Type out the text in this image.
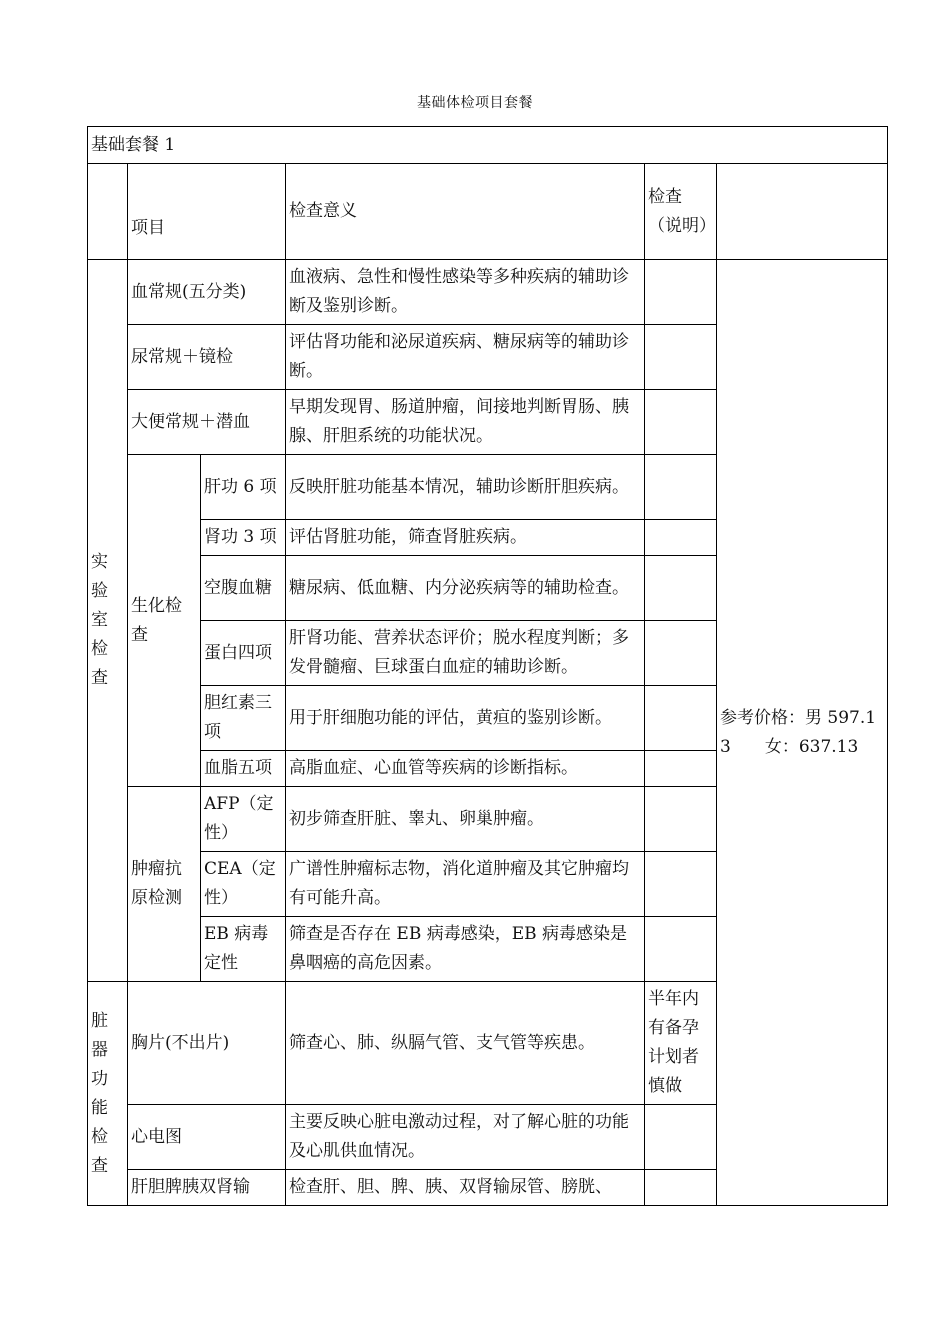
基础体检项目套餐
基础套餐 1					
	项目		检查意义	检查（说明）	
实验室检查	血常规(五分类)		血液病、急性和慢性感染等多种疾病的辅助诊断及鉴别诊断。		参考价格：男 597.13　　女：637.13
	尿常规＋镜检		评估肾功能和泌尿道疾病、糖尿病等的辅助诊断。		
	大便常规＋潜血		早期发现胃、肠道肿瘤，间接地判断胃肠、胰腺、肝胆系统的功能状况。		
	生化检查	肝功 6 项	反映肝脏功能基本情况，辅助诊断肝胆疾病。		
		肾功 3 项	评估肾脏功能，筛查肾脏疾病。		
		空腹血糖	糖尿病、低血糖、内分泌疾病等的辅助检查。		
		蛋白四项	肝肾功能、营养状态评价；脱水程度判断；多发骨髓瘤、巨球蛋白血症的辅助诊断。		
		胆红素三项	用于肝细胞功能的评估，黄疸的鉴别诊断。		
		血脂五项	高脂血症、心血管等疾病的诊断指标。		
	肿瘤抗原检测	AFP（定性）	初步筛查肝脏、睾丸、卵巢肿瘤。		
		CEA（定性）	广谱性肿瘤标志物，消化道肿瘤及其它肿瘤均有可能升高。		
		EB 病毒定性	筛查是否存在 EB 病毒感染，EB 病毒感染是鼻咽癌的高危因素。		
脏器功能检查	胸片(不出片)		筛查心、肺、纵膈气管、支气管等疾患。	半年内有备孕计划者慎做	
	心电图		主要反映心脏电激动过程，对了解心脏的功能及心肌供血情况。		
	肝胆脾胰双肾输		检查肝、胆、脾、胰、双肾输尿管、膀胱、		
